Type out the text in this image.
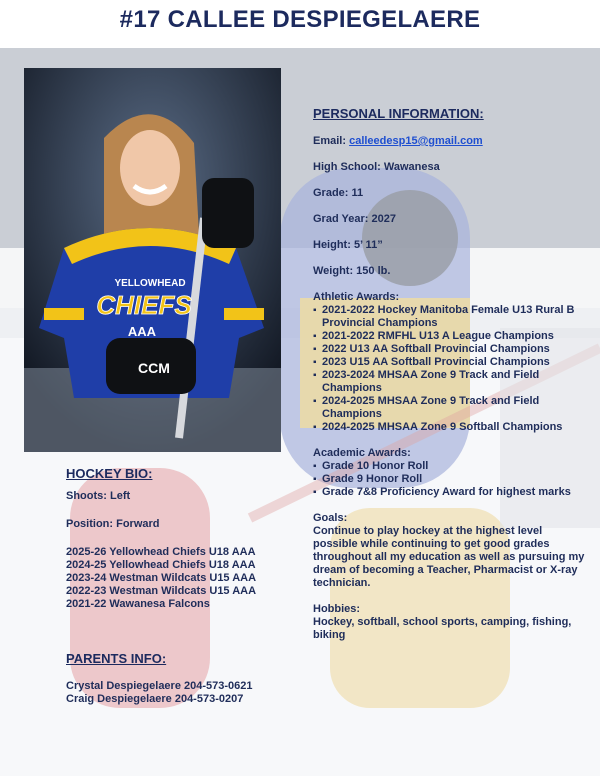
#17 CALLEE DESPIEGELAERE
YELLOWHEAD
CHIEFS
AAA
CCM
PERSONAL INFORMATION:
Email: calleedesp15@gmail.com
High School: Wawanesa
Grade: 11
Grad Year: 2027
Height: 5’ 11”
Weight: 150 lb.
Athletic Awards:
▪ 2021-2022 Hockey Manitoba Female U13 Rural B Provincial Champions
▪ 2021-2022 RMFHL U13 A League Champions
▪ 2022 U13 AA Softball Provincial Champions
▪ 2023 U15 AA Softball Provincial Champions
▪ 2023-2024 MHSAA Zone 9 Track and Field Champions
▪ 2024-2025 MHSAA Zone 9 Track and Field Champions
▪ 2024-2025 MHSAA Zone 9 Softball Champions
Academic Awards:
▪ Grade 10 Honor Roll
▪ Grade 9 Honor Roll
▪ Grade 7&8 Proficiency Award for highest marks
Goals:
Continue to play hockey at the highest level possible while continuing to get good grades throughout all my education as well as pursuing my dream of becoming a Teacher, Pharmacist or X-ray technician.
Hobbies:
Hockey, softball, school sports, camping, fishing, biking
HOCKEY BIO:
Shoots: Left
Position: Forward
2025-26 Yellowhead Chiefs U18 AAA
2024-25 Yellowhead Chiefs U18 AAA
2023-24 Westman Wildcats U15 AAA
2022-23 Westman Wildcats U15 AAA
2021-22 Wawanesa Falcons
PARENTS INFO:
Crystal Despiegelaere 204-573-0621
Craig Despiegelaere 204-573-0207
